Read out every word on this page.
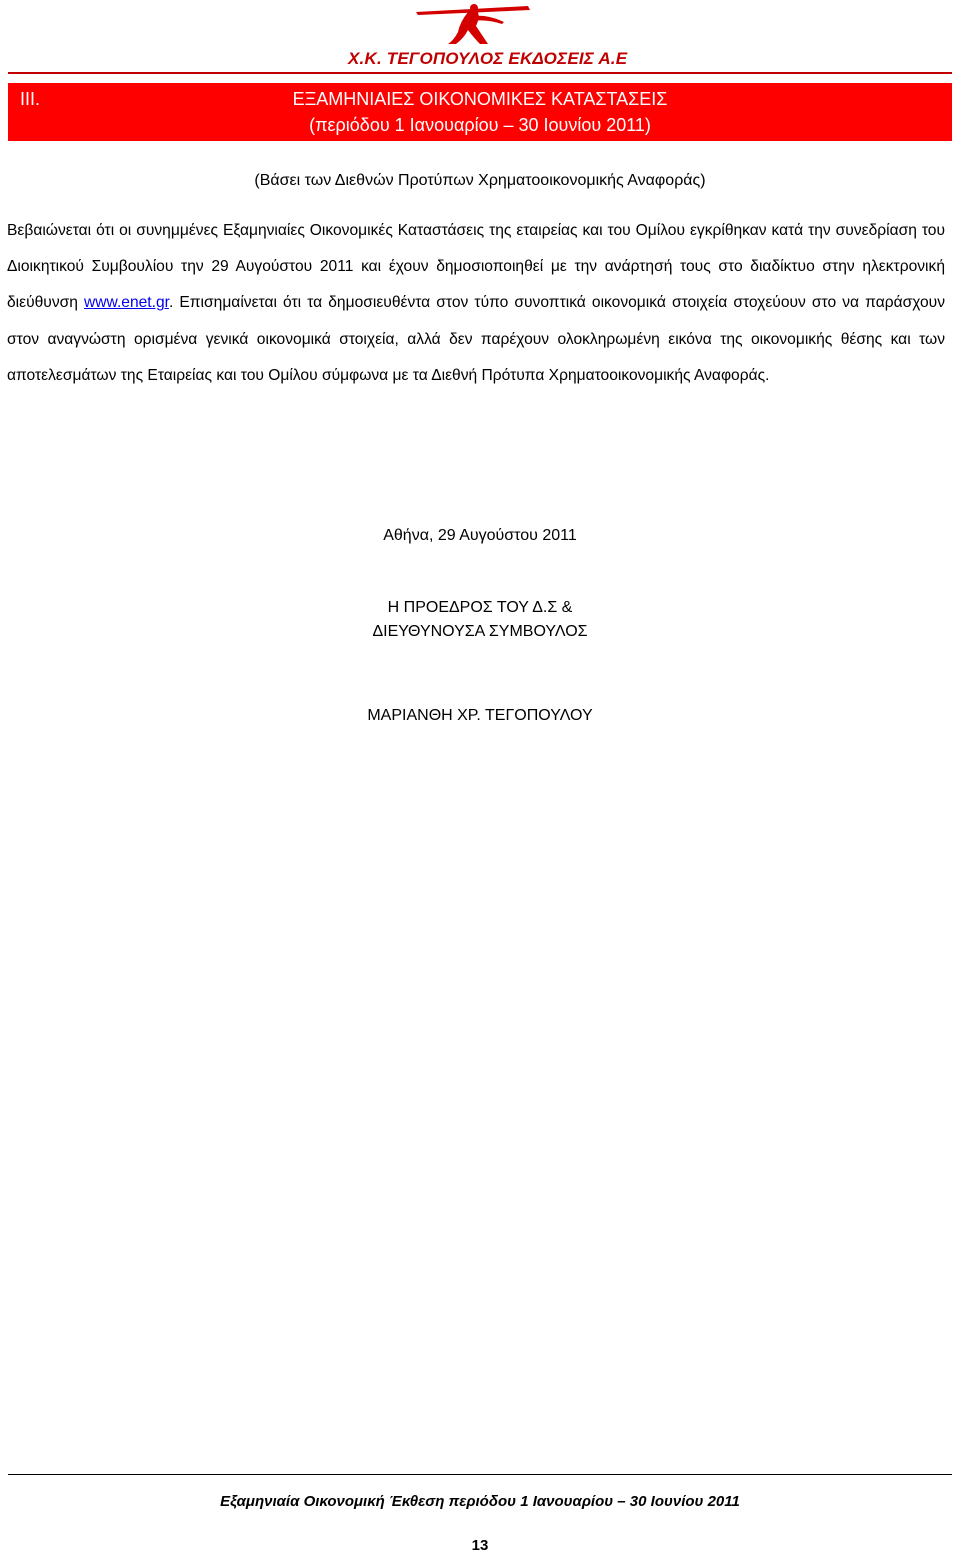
Χ.Κ. ΤΕΓΟΠΟΥΛΟΣ ΕΚΔΟΣΕΙΣ Α.Ε
III.	ΕΞΑΜΗΝΙΑΙΕΣ ΟΙΚΟΝΟΜΙΚΕΣ ΚΑΤΑΣΤΑΣΕΙΣ
(περιόδου 1 Ιανουαρίου – 30 Ιουνίου 2011)
(Βάσει των Διεθνών Προτύπων Χρηματοοικονομικής Αναφοράς)
Βεβαιώνεται ότι οι συνημμένες Εξαμηνιαίες Οικονομικές Καταστάσεις της εταιρείας και του Ομίλου εγκρίθηκαν κατά την συνεδρίαση του Διοικητικού Συμβουλίου την 29 Αυγούστου 2011 και έχουν δημοσιοποιηθεί με την ανάρτησή τους στο διαδίκτυο στην ηλεκτρονική διεύθυνση www.enet.gr. Επισημαίνεται ότι τα δημοσιευθέντα στον τύπο συνοπτικά οικονομικά στοιχεία στοχεύουν στο να παράσχουν στον αναγνώστη ορισμένα γενικά οικονομικά στοιχεία, αλλά δεν παρέχουν ολοκληρωμένη εικόνα της οικονομικής θέσης και των αποτελεσμάτων της Εταιρείας και του Ομίλου σύμφωνα με τα Διεθνή Πρότυπα Χρηματοοικονομικής Αναφοράς.
Αθήνα, 29 Αυγούστου 2011
Η ΠΡΟΕΔΡΟΣ ΤΟΥ Δ.Σ &
ΔΙΕΥΘΥΝΟΥΣΑ ΣΥΜΒΟΥΛΟΣ
ΜΑΡΙΑΝΘΗ ΧΡ. ΤΕΓΟΠΟΥΛΟΥ
Εξαμηνιαία Οικονομική Έκθεση περιόδου 1 Ιανουαρίου – 30 Ιουνίου 2011
13
